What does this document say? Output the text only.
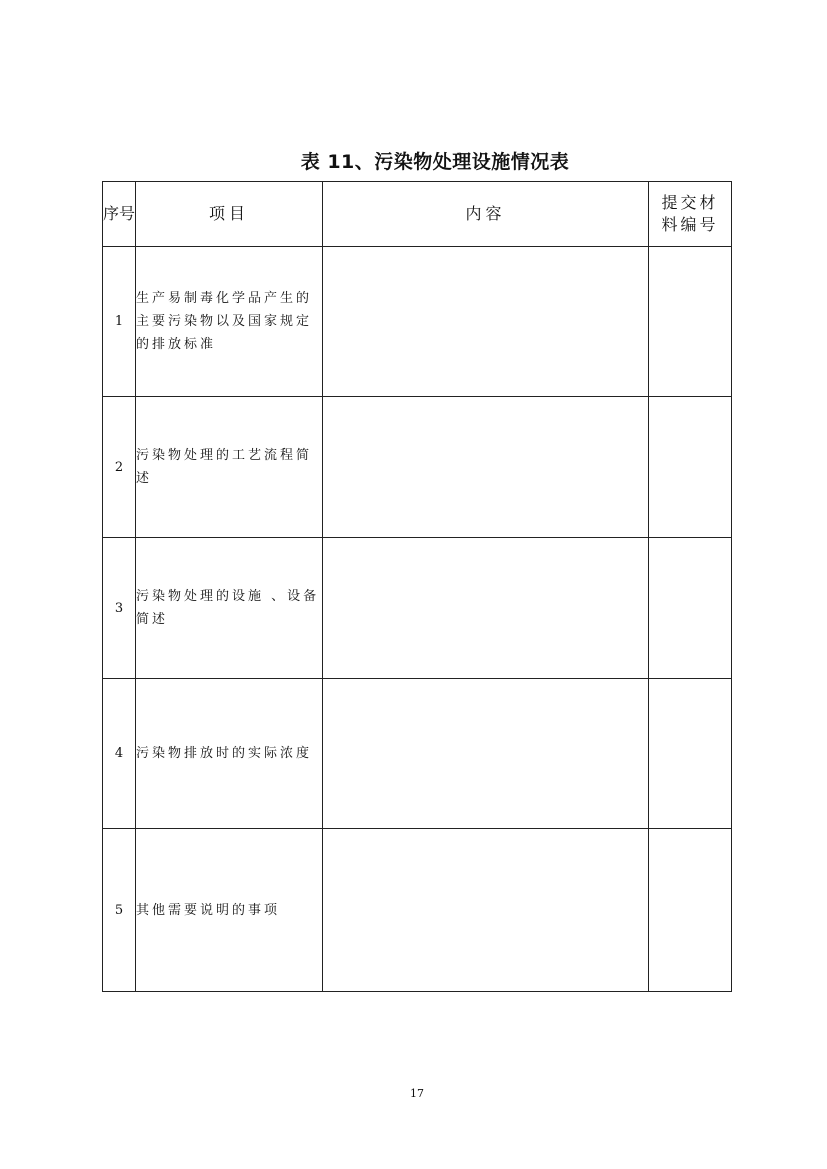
表 11、污染物处理设施情况表
序号	项目	内容	提交材料编号
1	生产易制毒化学品产生的主要污染物以及国家规定的排放标准		
2	污染物处理的工艺流程简述		
3	污染物处理的设施 、设备简述		
4	污染物排放时的实际浓度		
5	其他需要说明的事项		
17
